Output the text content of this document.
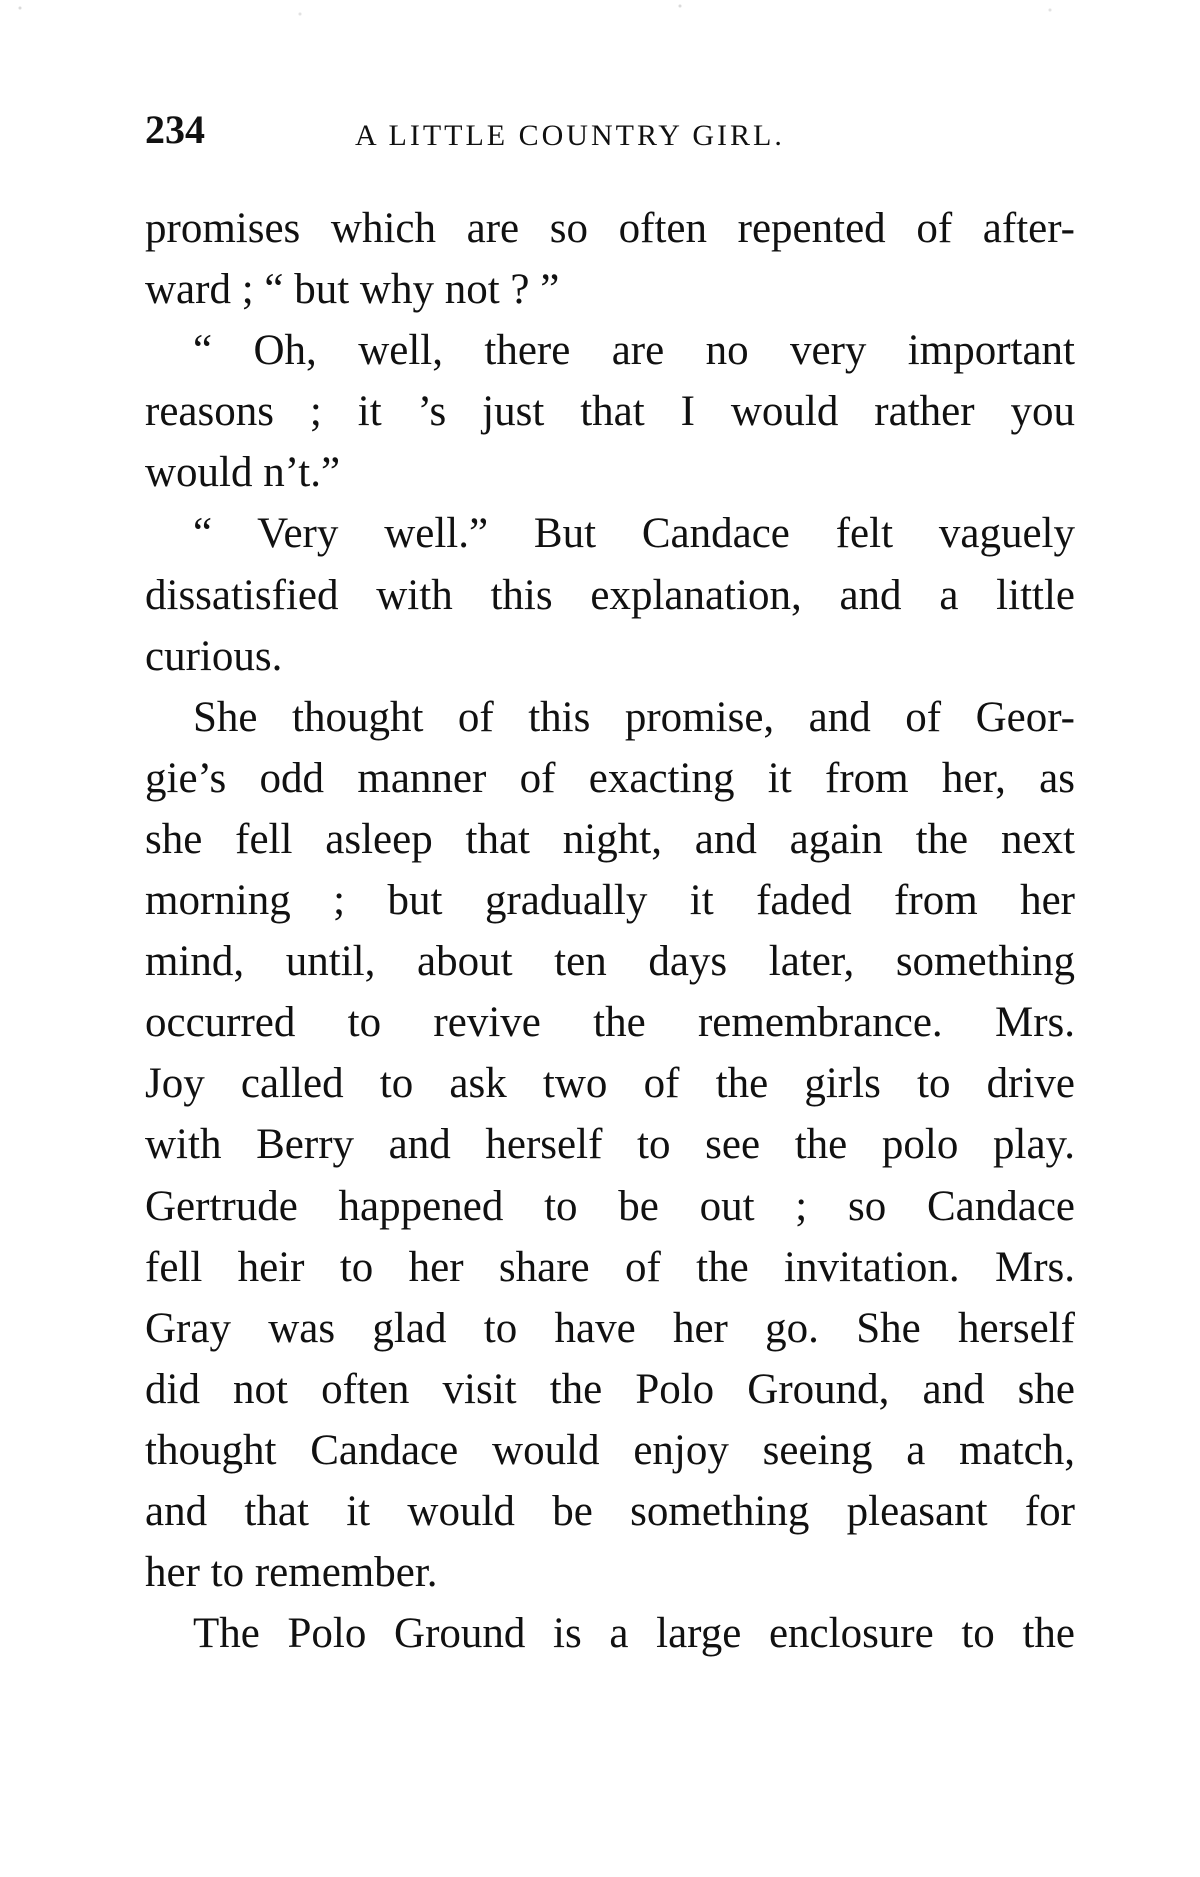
234	A LITTLE COUNTRY GIRL.
promises which are so often repented of after-
ward ; “ but why not ? ”
“ Oh, well, there are no very important
reasons ; it ’s just that I would rather you
would n’t.”
“ Very well.” But Candace felt vaguely
dissatisfied with this explanation, and a little
curious.
She thought of this promise, and of Geor-
gie’s odd manner of exacting it from her, as
she fell asleep that night, and again the next
morning ; but gradually it faded from her
mind, until, about ten days later, something
occurred to revive the remembrance. Mrs.
Joy called to ask two of the girls to drive
with Berry and herself to see the polo play.
Gertrude happened to be out ; so Candace
fell heir to her share of the invitation. Mrs.
Gray was glad to have her go. She herself
did not often visit the Polo Ground, and she
thought Candace would enjoy seeing a match,
and that it would be something pleasant for
her to remember.
The Polo Ground is a large enclosure to the
